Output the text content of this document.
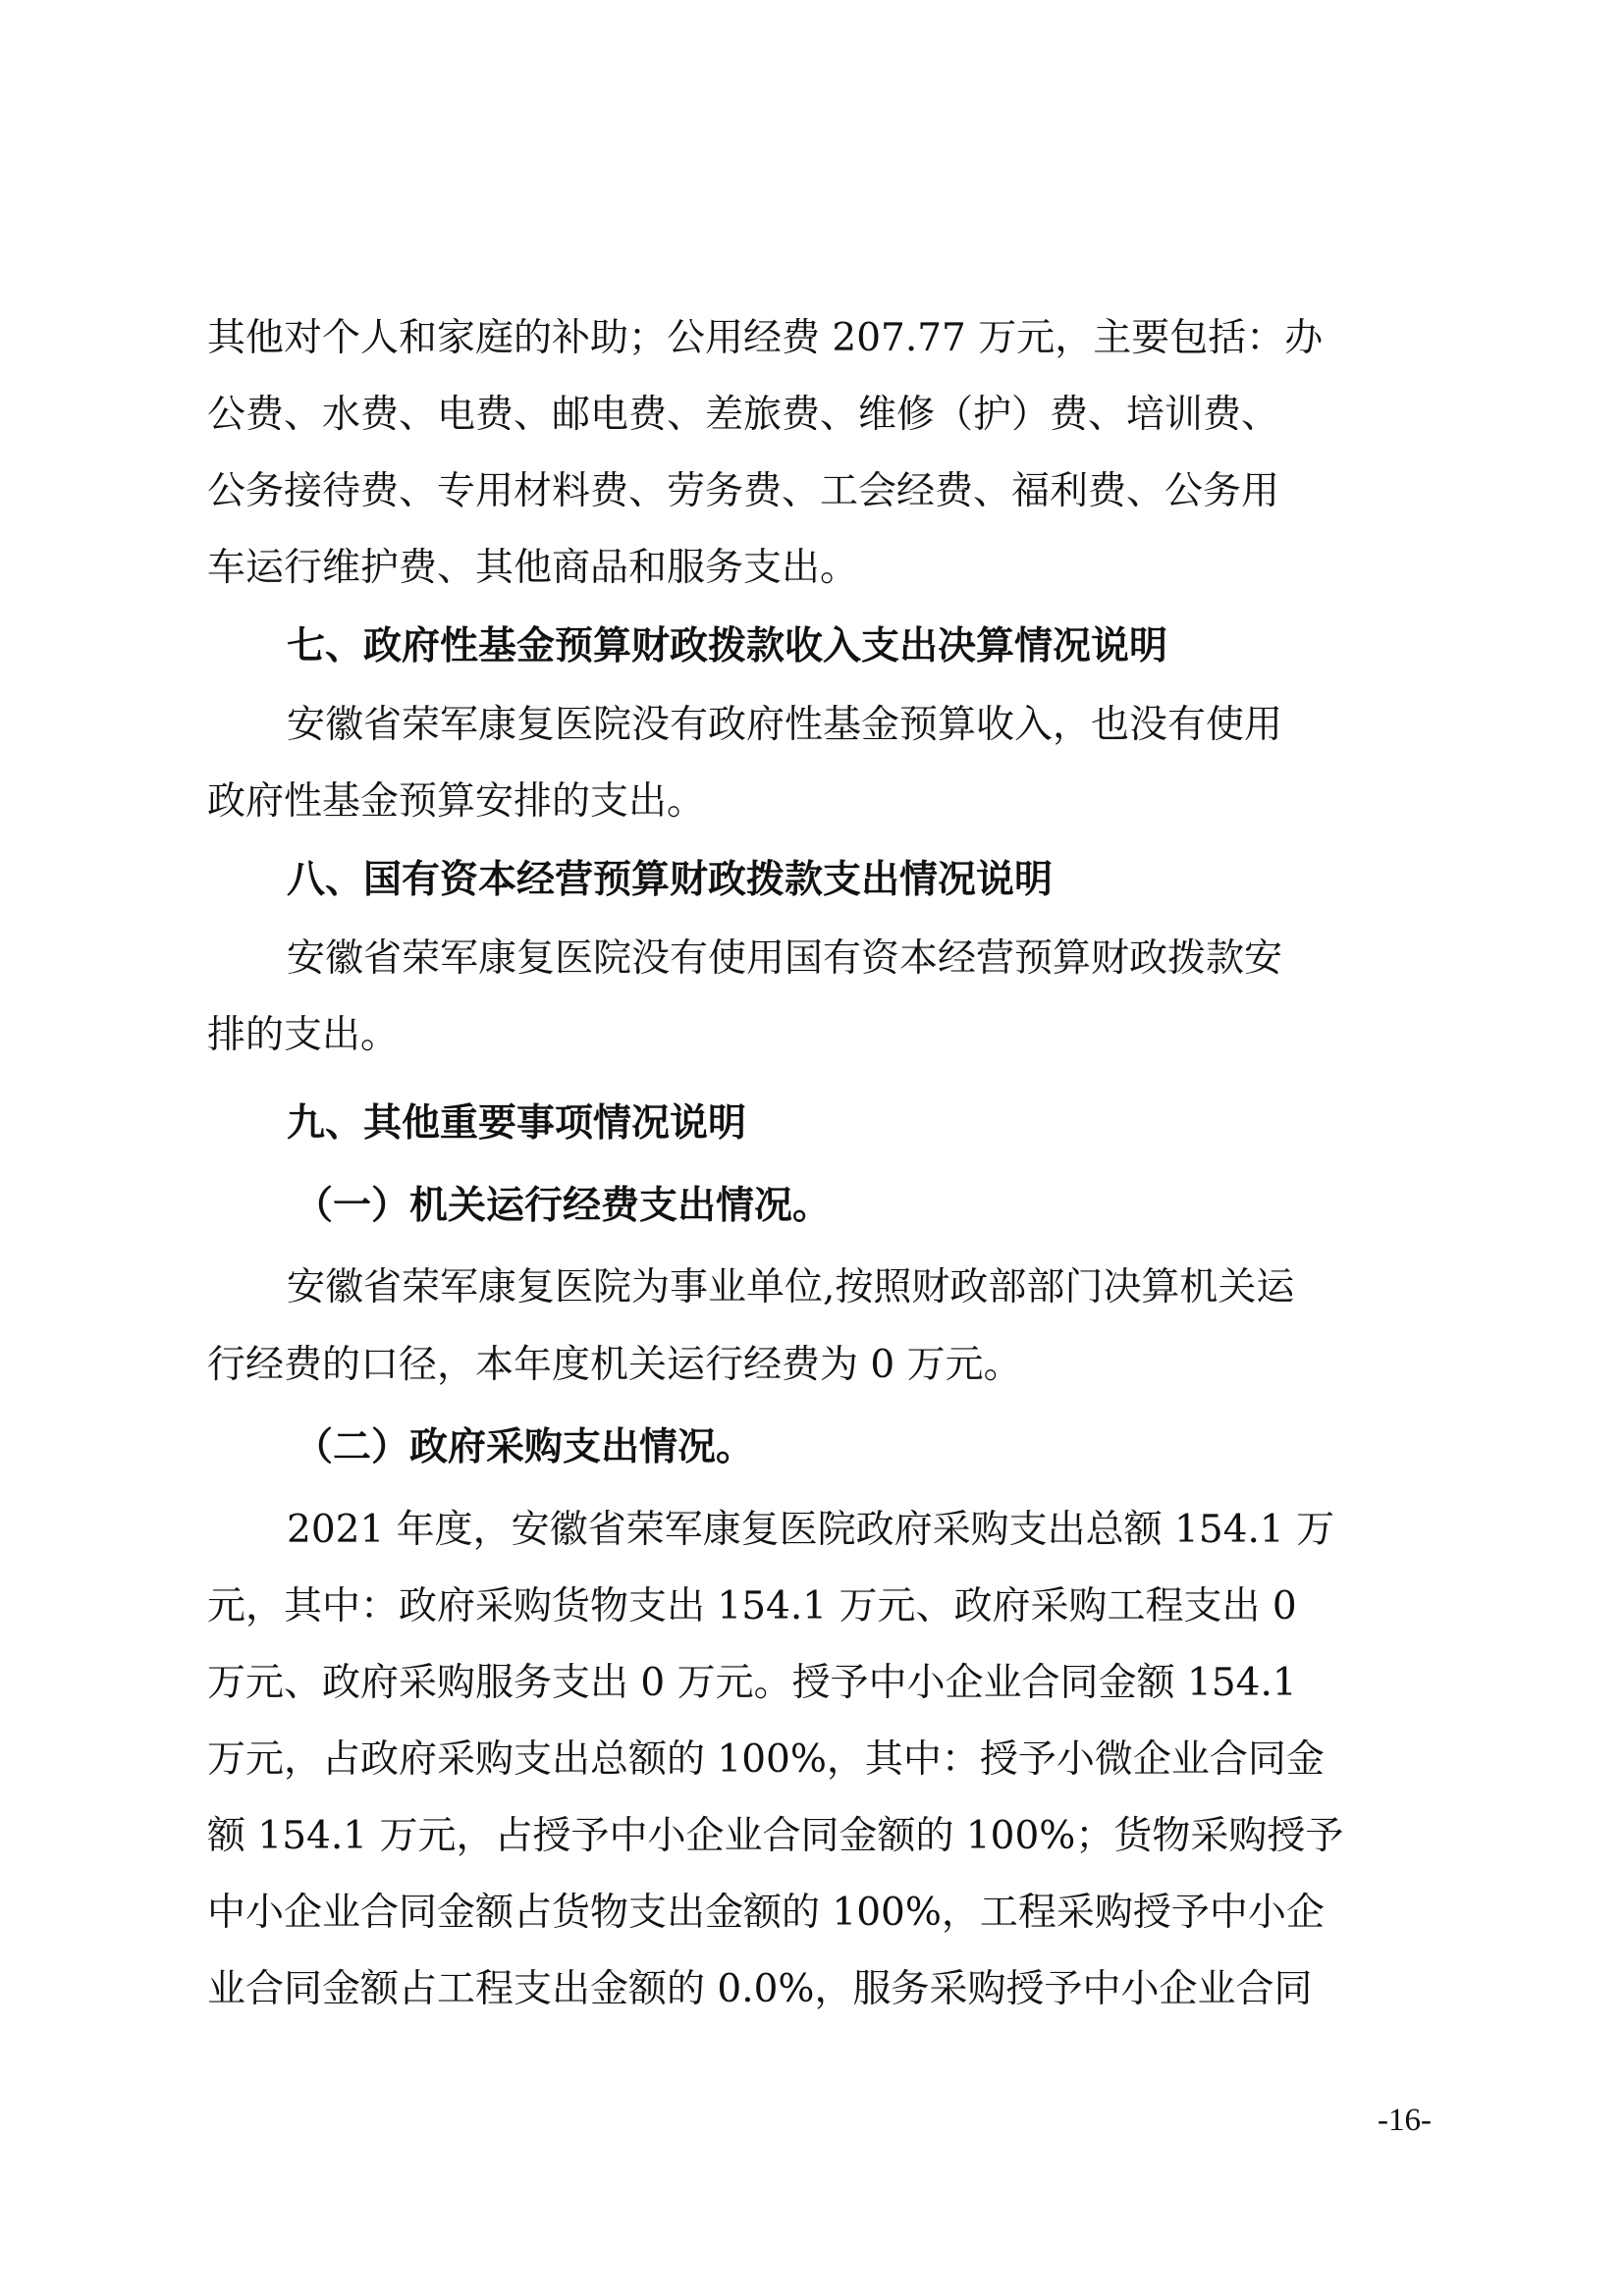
其他对个人和家庭的补助；公用经费 207.77 万元，主要包括：办
公费、水费、电费、邮电费、差旅费、维修（护）费、培训费、
公务接待费、专用材料费、劳务费、工会经费、福利费、公务用
车运行维护费、其他商品和服务支出。
七、政府性基金预算财政拨款收入支出决算情况说明
安徽省荣军康复医院没有政府性基金预算收入，也没有使用
政府性基金预算安排的支出。
八、国有资本经营预算财政拨款支出情况说明
安徽省荣军康复医院没有使用国有资本经营预算财政拨款安
排的支出。
九、其他重要事项情况说明
（一）机关运行经费支出情况。
安徽省荣军康复医院为事业单位,按照财政部部门决算机关运
行经费的口径，本年度机关运行经费为 0 万元。
（二）政府采购支出情况。
2021 年度，安徽省荣军康复医院政府采购支出总额 154.1 万
元，其中：政府采购货物支出 154.1 万元、政府采购工程支出 0
万元、政府采购服务支出 0 万元。授予中小企业合同金额 154.1
万元，占政府采购支出总额的 100%，其中：授予小微企业合同金
额 154.1 万元，占授予中小企业合同金额的 100%；货物采购授予
中小企业合同金额占货物支出金额的 100%，工程采购授予中小企
业合同金额占工程支出金额的 0.0%，服务采购授予中小企业合同
-16-
